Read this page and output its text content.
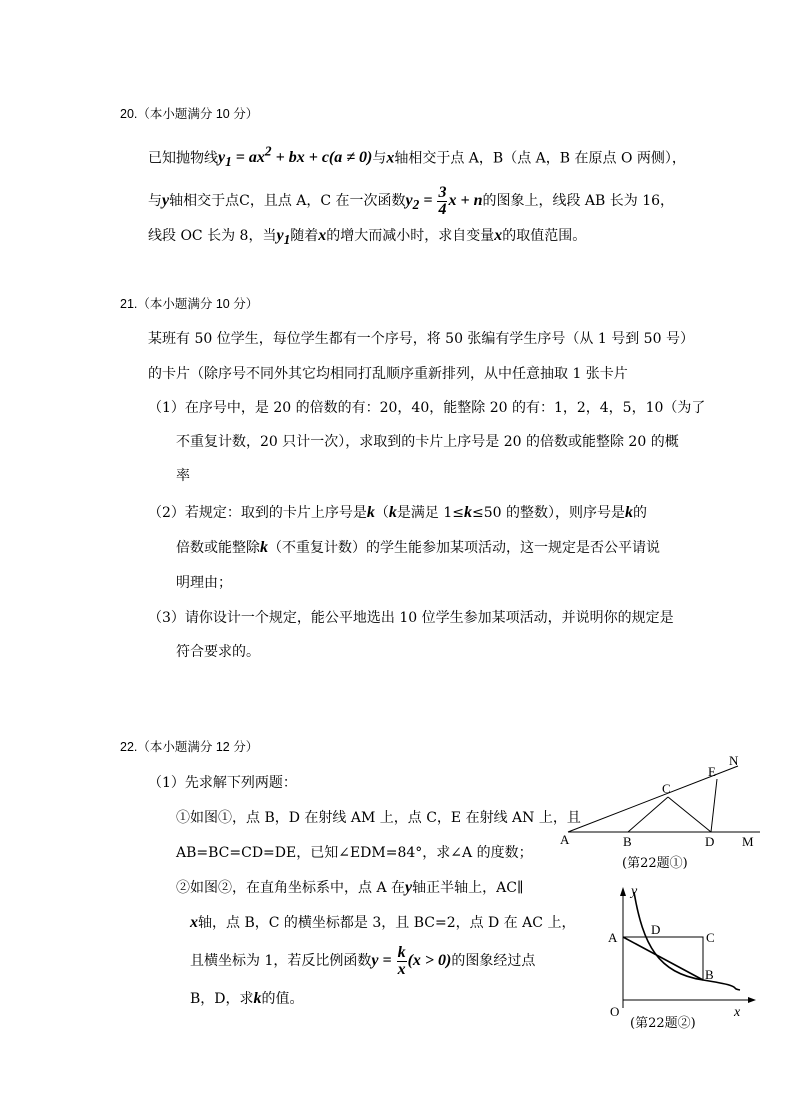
20.（本小题满分 10 分）
已知抛物线$y_1 = ax^2$ + bx + c(a ≠ 0)与x轴相交于点 A，B（点 A，B 在原点 O 两侧），
与y轴相交于点C，且点 A，C 在一次函数$y_2 = \frac{3}{4}$ x + n的图象上，线段 AB 长为 16，
线段 OC 长为 8，当$y_1$随着x的增大而减小时，求自变量x的取值范围。
21.（本小题满分 10 分）
某班有 50 位学生，每位学生都有一个序号，将 50 张编有学生序号（从 1 号到 50 号）
的卡片（除序号不同外其它均相同打乱顺序重新排列，从中任意抽取 1 张卡片
（1）在序号中，是 20 的倍数的有：20，40，能整除 20 的有：1，2，4，5，10（为了
不重复计数，20 只计一次），求取到的卡片上序号是 20 的倍数或能整除 20 的概
率
（2）若规定：取到的卡片上序号是k（k是满足 1≤k≤50 的整数），则序号是k的
倍数或能整除k（不重复计数）的学生能参加某项活动，这一规定是否公平请说
明理由；
（3）请你设计一个规定，能公平地选出 10 位学生参加某项活动，并说明你的规定是
符合要求的。
22.（本小题满分 12 分）
（1）先求解下列两题：
①如图①，点 B，D 在射线 AM 上，点 C，E 在射线 AN 上，且
AB=BC=CD=DE，已知∠EDM=84°，求∠A 的度数；
②如图②，在直角坐标系中，点 A 在y轴正半轴上，AC∥
x轴，点 B，C 的横坐标都是 3，且 BC=2，点 D 在 AC 上，
且横坐标为 1，若反比例函数$y = \frac{k}{x} (x > 0)$的图象经过点
B，D，求k的值。
A	B
C
D
E
M
N
(第22题①)
x
y
O
A
D
C
B
(第22题②)
